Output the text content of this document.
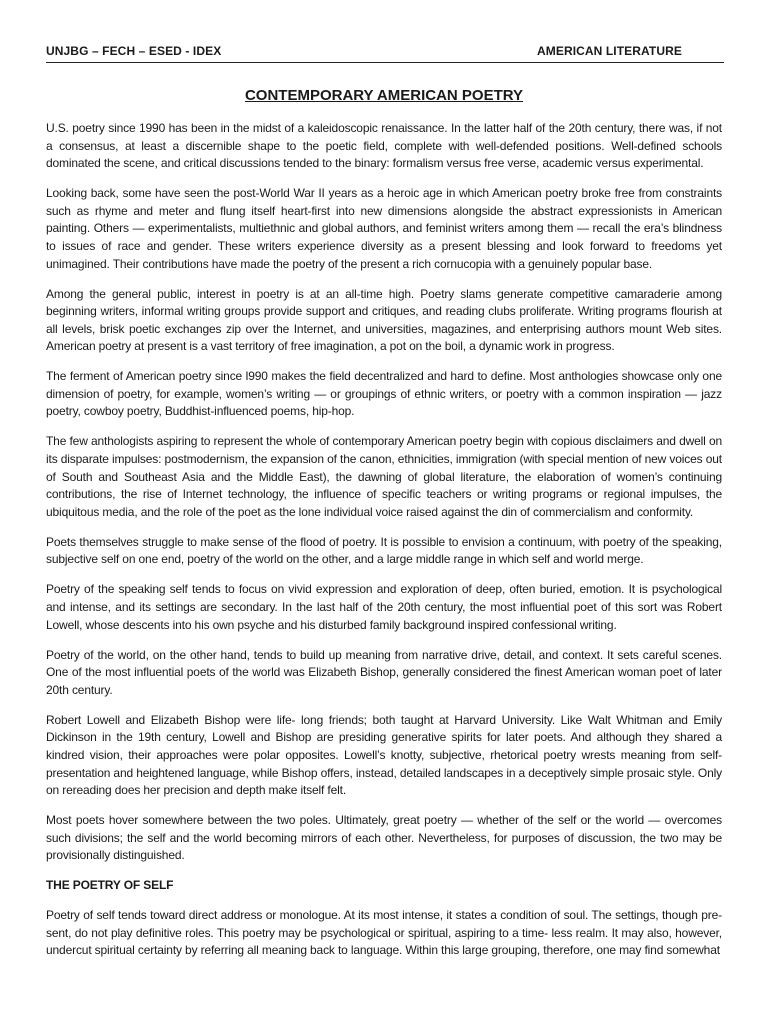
UNJBG – FECH – ESED - IDEX	AMERICAN LITERATURE
CONTEMPORARY AMERICAN POETRY

U.S. poetry since 1990 has been in the midst of a kaleidoscopic renaissance. In the latter half of the 20th century, there was, if not a consensus, at least a discernible shape to the poetic field, complete with well-defended positions. Well-defined schools dominated the scene, and critical discussions tended to the binary: formalism versus free verse, academic versus experimental.

Looking back, some have seen the post-World War II years as a heroic age in which American poetry broke free from constraints such as rhyme and meter and flung itself heart-first into new dimensions alongside the abstract expressionists in American painting. Others — experimentalists, multiethnic and global authors, and feminist writers among them — recall the era’s blindness to issues of race and gender. These writers experience diversity as a present blessing and look forward to freedoms yet unimagined. Their contributions have made the poetry of the present a rich cornucopia with a genuinely popular base.

Among the general public, interest in poetry is at an all-time high. Poetry slams generate competitive camaraderie among beginning writers, informal writing groups provide support and critiques, and reading clubs proliferate. Writing programs flourish at all levels, brisk poetic exchanges zip over the Internet, and universities, magazines, and enterprising authors mount Web sites. American poetry at present is a vast territory of free imagination, a pot on the boil, a dynamic work in progress.

The ferment of American poetry since l990 makes the field decentralized and hard to define. Most anthologies showcase only one dimension of poetry, for example, women’s writing — or groupings of ethnic writers, or poetry with a common inspiration — jazz poetry, cowboy poetry, Buddhist-influenced poems, hip-hop.

The few anthologists aspiring to represent the whole of contemporary American poetry begin with copious disclaimers and dwell on its disparate impulses: postmodernism, the expansion of the canon, ethnicities, immigration (with special mention of new voices out of South and Southeast Asia and the Middle East), the dawning of global literature, the elaboration of women’s continuing contributions, the rise of Internet technology, the influence of specific teachers or writing programs or regional impulses, the ubiquitous media, and the role of the poet as the lone individual voice raised against the din of commercialism and conformity.

Poets themselves struggle to make sense of the flood of poetry. It is possible to envision a continuum, with poetry of the speaking, subjective self on one end, poetry of the world on the other, and a large middle range in which self and world merge.

Poetry of the speaking self tends to focus on vivid expression and exploration of deep, often buried, emotion. It is psychological and intense, and its settings are secondary. In the last half of the 20th century, the most influential poet of this sort was Robert Lowell, whose descents into his own psyche and his disturbed family background inspired confessional writing.

Poetry of the world, on the other hand, tends to build up meaning from narrative drive, detail, and context. It sets careful scenes. One of the most influential poets of the world was Elizabeth Bishop, generally considered the finest American woman poet of later 20th century.

Robert Lowell and Elizabeth Bishop were life- long friends; both taught at Harvard University. Like Walt Whitman and Emily Dickinson in the 19th century, Lowell and Bishop are presiding generative spirits for later poets. And although they shared a kindred vision, their approaches were polar opposites. Lowell’s knotty, subjective, rhetorical poetry wrests meaning from self-presentation and heightened language, while Bishop offers, instead, detailed landscapes in a deceptively simple prosaic style. Only on rereading does her precision and depth make itself felt.

Most poets hover somewhere between the two poles. Ultimately, great poetry — whether of the self or the world — overcomes such divisions; the self and the world becoming mirrors of each other. Nevertheless, for purposes of discussion, the two may be provisionally distinguished.

THE POETRY OF SELF

Poetry of self tends toward direct address or monologue. At its most intense, it states a condition of soul. The settings, though pre- sent, do not play definitive roles. This poetry may be psychological or spiritual, aspiring to a time- less realm. It may also, however, undercut spiritual certainty by referring all meaning back to language. Within this large grouping, therefore, one may find somewhat
